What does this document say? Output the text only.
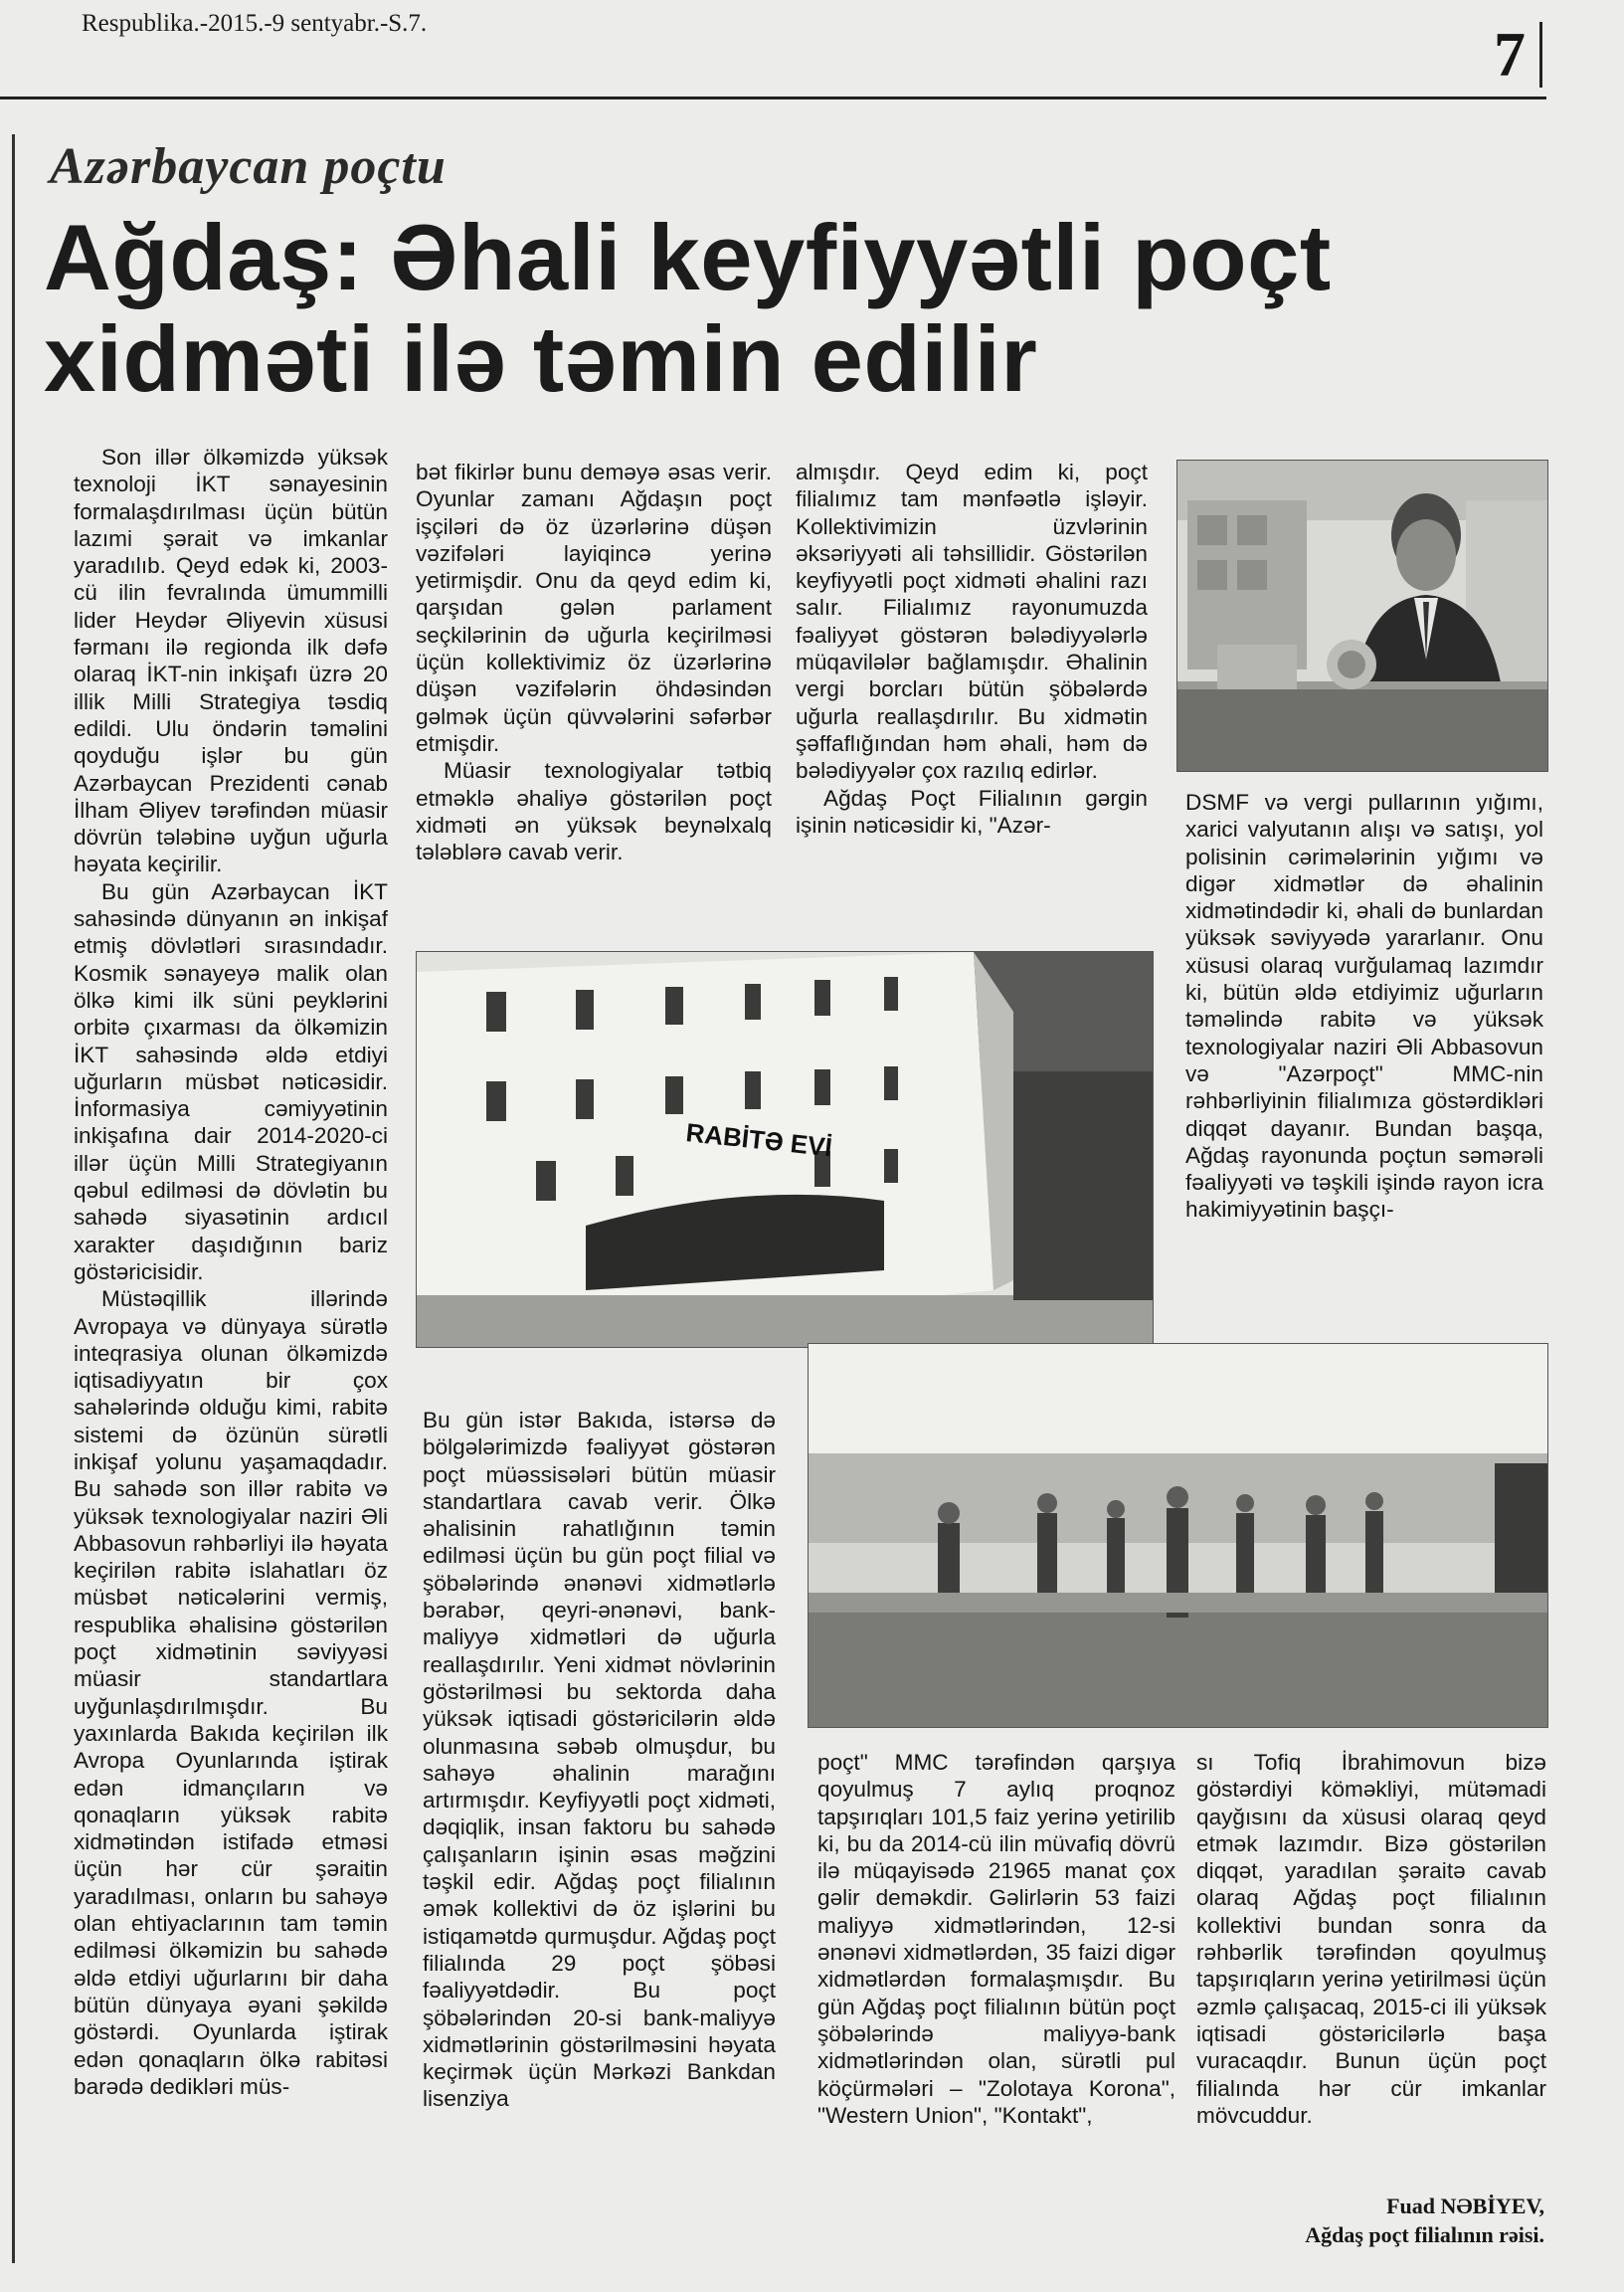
Respublika.-2015.-9 sentyabr.-S.7.	7
Azərbaycan poçtu
Ağdaş: Əhali keyfiyyətli poçt
xidməti ilə təmin edilir

Son illər ölkəmizdə yüksək texnoloji İKT sənayesinin formalaşdırılması üçün bütün lazımi şərait və imkanlar yaradılıb. Qeyd edək ki, 2003-cü ilin fevralında ümummilli lider Heydər Əliyevin xüsusi fərmanı ilə regionda ilk dəfə olaraq İKT-nin inkişafı üzrə 20 illik Milli Strategiya təsdiq edildi. Ulu öndərin təməlini qoyduğu işlər bu gün Azərbaycan Prezidenti cənab İlham Əliyev tərəfindən müasir dövrün tələbinə uyğun uğurla həyata keçirilir.

Bu gün Azərbaycan İKT sahəsində dünyanın ən inkişaf etmiş dövlətləri sırasındadır. Kosmik sənayeyə malik olan ölkə kimi ilk süni peyklərini orbitə çıxarması da ölkəmizin İKT sahəsində əldə etdiyi uğurların müsbət nəticəsidir. İnformasiya cəmiyyətinin inkişafına dair 2014-2020-ci illər üçün Milli Strategiyanın qəbul edilməsi də dövlətin bu sahədə siyasətinin ardıcıl xarakter daşıdığının bariz göstəricisidir.

Müstəqillik illərində Avropaya və dünyaya sürətlə inteqrasiya olunan ölkəmizdə iqtisadiyyatın bir çox sahələrində olduğu kimi, rabitə sistemi də özünün sürətli inkişaf yolunu yaşamaqdadır. Bu sahədə son illər rabitə və yüksək texnologiyalar naziri Əli Abbasovun rəhbərliyi ilə həyata keçirilən rabitə islahatları öz müsbət nəticələrini vermiş, respublika əhalisinə göstərilən poçt xidmətinin səviyyəsi müasir standartlara uyğunlaşdırılmışdır. Bu yaxınlarda Bakıda keçirilən ilk Avropa Oyunlarında iştirak edən idmançıların və qonaqların yüksək rabitə xidmətindən istifadə etməsi üçün hər cür şəraitin yaradılması, onların bu sahəyə olan ehtiyaclarının tam təmin edilməsi ölkəmizin bu sahədə əldə etdiyi uğurlarını bir daha bütün dünyaya əyani şəkildə göstərdi. Oyunlarda iştirak edən qonaqların ölkə rabitəsi barədə dedikləri müs-

bət fikirlər bunu deməyə əsas verir. Oyunlar zamanı Ağdaşın poçt işçiləri də öz üzərlərinə düşən vəzifələri layiqincə yerinə yetirmişdir. Onu da qeyd edim ki, qarşıdan gələn parlament seçkilərinin də uğurla keçirilməsi üçün kollektivimiz öz üzərlərinə düşən vəzifələrin öhdəsindən gəlmək üçün qüvvələrini səfərbər etmişdir.

Müasir texnologiyalar tətbiq etməklə əhaliyə göstərilən poçt xidməti ən yüksək beynəlxalq tələblərə cavab verir.

almışdır. Qeyd edim ki, poçt filialımız tam mənfəətlə işləyir. Kollektivimizin üzvlərinin əksəriyyəti ali təhsillidir. Göstərilən keyfiyyətli poçt xidməti əhalini razı salır. Filialımız rayonumuzda fəaliyyət göstərən bələdiyyələrlə müqavilələr bağlamışdır. Əhalinin vergi borcları bütün şöbələrdə uğurla reallaşdırılır. Bu xidmətin şəffaflığından həm əhali, həm də bələdiyyələr çox razılıq edirlər.

Ağdaş Poçt Filialının gərgin işinin nəticəsidir ki, "Azər-

RABİTƏ EVİ

DSMF və vergi pullarının yığımı, xarici valyutanın alışı və satışı, yol polisinin cərimələrinin yığımı və digər xidmətlər də əhalinin xidmətindədir ki, əhali də bunlardan yüksək səviyyədə yararlanır. Onu xüsusi olaraq vurğulamaq lazımdır ki, bütün əldə etdiyimiz uğurların təməlində rabitə və yüksək texnologiyalar naziri Əli Abbasovun və "Azərpoçt" MMC-nin rəhbərliyinin filialımıza göstərdikləri diqqət dayanır. Bundan başqa, Ağdaş rayonunda poçtun səmərəli fəaliyyəti və təşkili işində rayon icra hakimiyyətinin başçı-

Bu gün istər Bakıda, istərsə də bölgələrimizdə fəaliyyət göstərən poçt müəssisələri bütün müasir standartlara cavab verir. Ölkə əhalisinin rahatlığının təmin edilməsi üçün bu gün poçt filial və şöbələrində ənənəvi xidmətlərlə bərabər, qeyri-ənənəvi, bank-maliyyə xidmətləri də uğurla reallaşdırılır. Yeni xidmət növlərinin göstərilməsi bu sektorda daha yüksək iqtisadi göstəricilərin əldə olunmasına səbəb olmuşdur, bu sahəyə əhalinin marağını artırmışdır. Keyfiyyətli poçt xidməti, dəqiqlik, insan faktoru bu sahədə çalışanların işinin əsas məğzini təşkil edir. Ağdaş poçt filialının əmək kollektivi də öz işlərini bu istiqamətdə qurmuşdur. Ağdaş poçt filialında 29 poçt şöbəsi fəaliyyətdədir. Bu poçt şöbələrindən 20-si bank-maliyyə xidmətlərinin göstərilməsini həyata keçirmək üçün Mərkəzi Bankdan lisenziya

poçt" MMC tərəfindən qarşıya qoyulmuş 7 aylıq proqnoz tapşırıqları 101,5 faiz yerinə yetirilib ki, bu da 2014-cü ilin müvafiq dövrü ilə müqayisədə 21965 manat çox gəlir deməkdir. Gəlirlərin 53 faizi maliyyə xidmətlərindən, 12-si ənənəvi xidmətlərdən, 35 faizi digər xidmətlərdən formalaşmışdır. Bu gün Ağdaş poçt filialının bütün poçt şöbələrində maliyyə-bank xidmətlərindən olan, sürətli pul köçürmələri – "Zolotaya Korona", "Western Union", "Kontakt",

sı Tofiq İbrahimovun bizə göstərdiyi köməkliyi, mütəmadi qayğısını da xüsusi olaraq qeyd etmək lazımdır. Bizə göstərilən diqqət, yaradılan şəraitə cavab olaraq Ağdaş poçt filialının kollektivi bundan sonra da rəhbərlik tərəfindən qoyulmuş tapşırıqların yerinə yetirilməsi üçün əzmlə çalışacaq, 2015-ci ili yüksək iqtisadi göstəricilərlə başa vuracaqdır. Bunun üçün poçt filialında hər cür imkanlar mövcuddur.

Fuad NƏBİYEV,
Ağdaş poçt filialının rəisi.
